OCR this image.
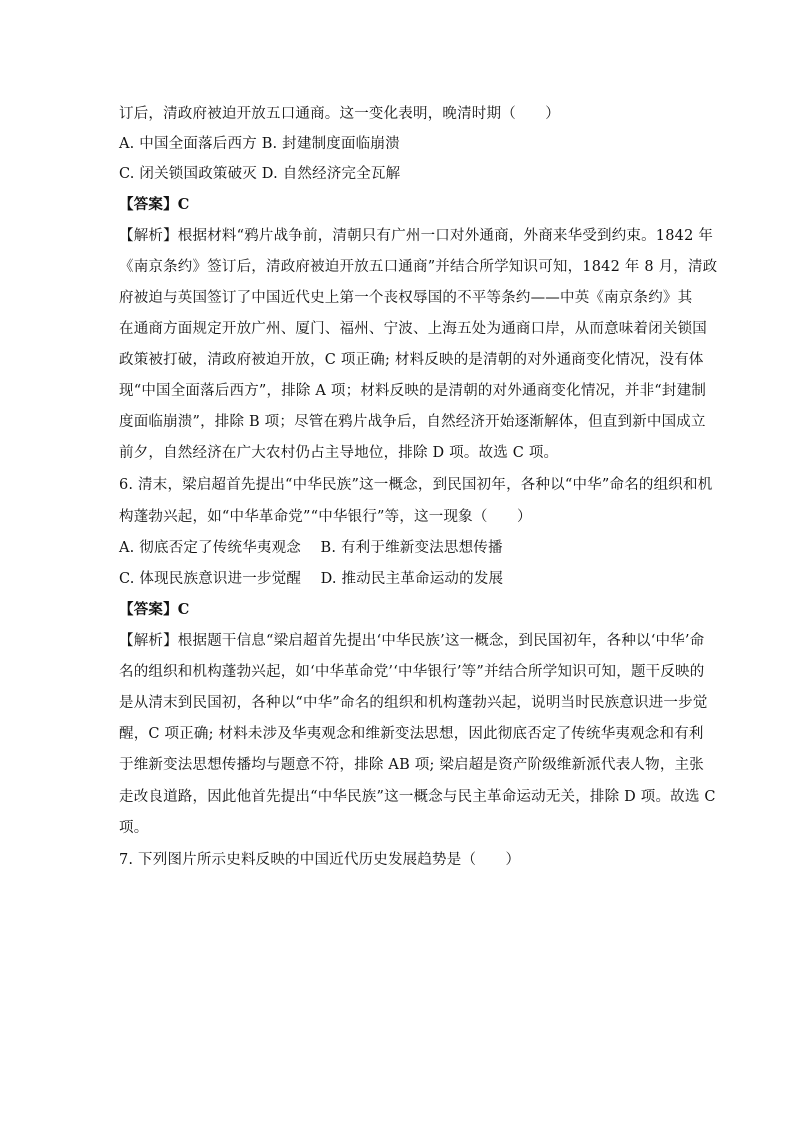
订后，清政府被迫开放五口通商。这一变化表明，晚清时期（　　）
A. 中国全面落后西方 B. 封建制度面临崩溃
C. 闭关锁国政策破灭 D. 自然经济完全瓦解
【答案】C
【解析】根据材料“鸦片战争前，清朝只有广州一口对外通商，外商来华受到约束。1842 年
《南京条约》签订后，清政府被迫开放五口通商”并结合所学知识可知，1842 年 8 月，清政
府被迫与英国签订了中国近代史上第一个丧权辱国的不平等条约——中英《南京条约》其
在通商方面规定开放广州、厦门、福州、宁波、上海五处为通商口岸，从而意味着闭关锁国
政策被打破，清政府被迫开放，C 项正确; 材料反映的是清朝的对外通商变化情况，没有体
现“中国全面落后西方”，排除 A 项；材料反映的是清朝的对外通商变化情况，并非“封建制
度面临崩溃”，排除 B 项；尽管在鸦片战争后，自然经济开始逐渐解体，但直到新中国成立
前夕，自然经济在广大农村仍占主导地位，排除 D 项。故选 C 项。
6. 清末，梁启超首先提出“中华民族”这一概念，到民国初年，各种以“中华”命名的组织和机
构蓬勃兴起，如“中华革命党”“中华银行”等，这一现象（　　）
A. 彻底否定了传统华夷观念　 B. 有利于维新变法思想传播
C. 体现民族意识进一步觉醒　 D. 推动民主革命运动的发展
【答案】C
【解析】根据题干信息“梁启超首先提出‘中华民族’这一概念，到民国初年，各种以‘中华’命
名的组织和机构蓬勃兴起，如‘中华革命党’‘中华银行’等”并结合所学知识可知，题干反映的
是从清末到民国初，各种以“中华”命名的组织和机构蓬勃兴起，说明当时民族意识进一步觉
醒，C 项正确; 材料未涉及华夷观念和维新变法思想，因此彻底否定了传统华夷观念和有利
于维新变法思想传播均与题意不符，排除 AB 项; 梁启超是资产阶级维新派代表人物，主张
走改良道路，因此他首先提出“中华民族”这一概念与民主革命运动无关，排除 D 项。故选 C
项。
7. 下列图片所示史料反映的中国近代历史发展趋势是（　　）
